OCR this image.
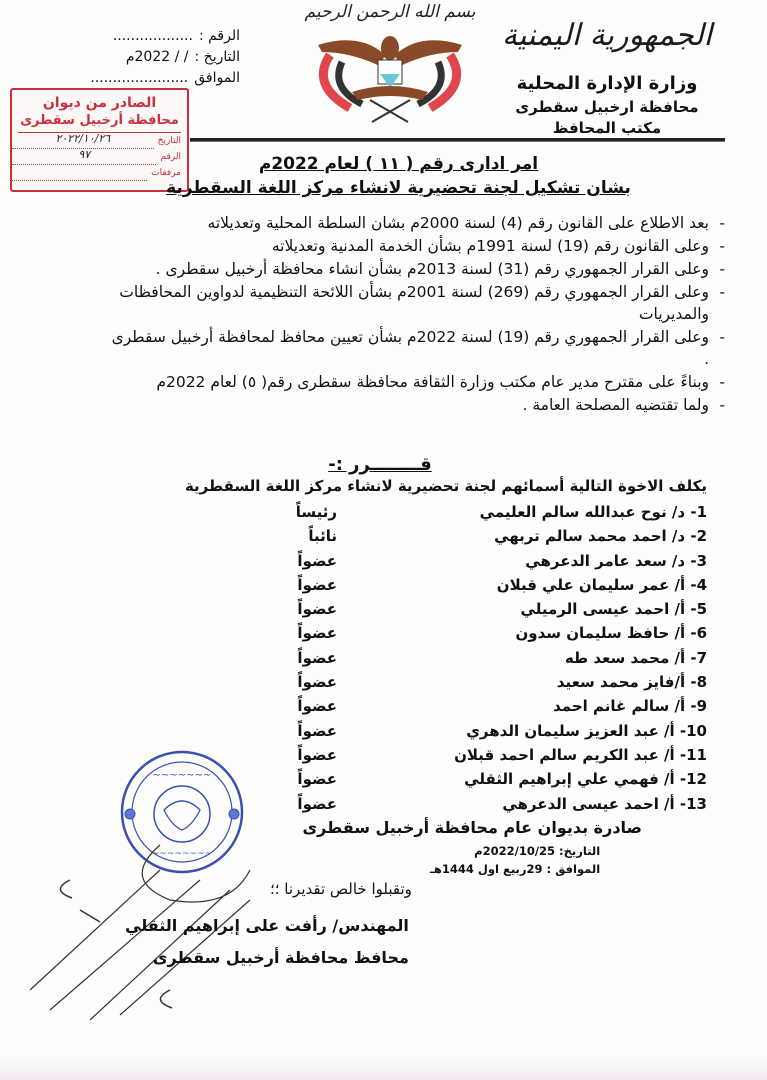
الجمهورية اليمنية
وزارة الإدارة المحلية
محافظة ارخبيل سقطرى
مكتب المحافظ
بسم الله الرحمن الرحيم
الرقم :
..................
التاريخ :
/ / 2022م
الموافق
......................
الصادر من ديوان
محافظة أرخبيل سقطرى
التاريخ
٢٠٢٢/١٠/٢٦
الرقم
٩٧
مرفقات	امر اداری رقم ( ١١ ) لعام 2022م
بشان تشكيل لجنة تحضيرية لانشاء مركز اللغة السقطرية
- بعد الاطلاع على القانون رقم (4) لسنة 2000م بشان السلطة المحلية وتعديلاته
- وعلى القانون رقم (19) لسنة 1991م بشأن الخدمة المدنية وتعديلاته
- وعلى القرار الجمهوري رقم (31) لسنة 2013م بشأن انشاء محافظة أرخبيل سقطرى .
- وعلى القرار الجمهوري رقم (269) لسنة 2001م بشأن اللائحة التنظيمية لدواوين المحافظات والمديريات
- وعلى القرار الجمهوري رقم (19) لسنة 2022م بشأن تعيين محافظ لمحافظة أرخبيل سقطرى .
- وبناءً على مقترح مدير عام مكتب وزارة الثقافة محافظة سقطرى رقم( ٥) لعام 2022م
- ولما تقتضيه المصلحة العامة .
قــــــــرر :-
يكلف الاخوة التالية أسمائهم لجنة تحضيرية لانشاء مركز اللغة السقطرية
1- د/ نوح عبدالله سالم العليمي
رئيساً
2- د/ احمد محمد سالم تربهي
نائباً
3- د/ سعد عامر الدعرهي
عضواً
4- أ/ عمر سليمان علي قبلان
عضواً
5- أ/ احمد عيسى الرميلي
عضواً
6- أ/ حافظ سليمان سدون
عضواً
7- أ/ محمد سعد طه
عضواً
8- أ/فايز محمد سعيد
عضواً
9- أ/ سالم غانم احمد
عضواً
10- أ/ عبد العزيز سليمان الدهري
عضواً
11- أ/ عبد الكريم سالم احمد قبلان
عضواً
12- أ/ فهمي علي إبراهيم الثقلي
عضواً
13- أ/ احمد عيسى الدعرهي
عضواً
~~~~~~~
~~~~~~~~
صادرة بديوان عام محافظة أرخبيل سقطرى
التاريخ: 2022/10/25م
الموافق : 29ربيع اول 1444هـ
وتقبلوا خالص تقديرنا ؛؛
المهندس/ رأفت على إبراهيم الثقلي
محافظ محافظة أرخبيل سقطرى
